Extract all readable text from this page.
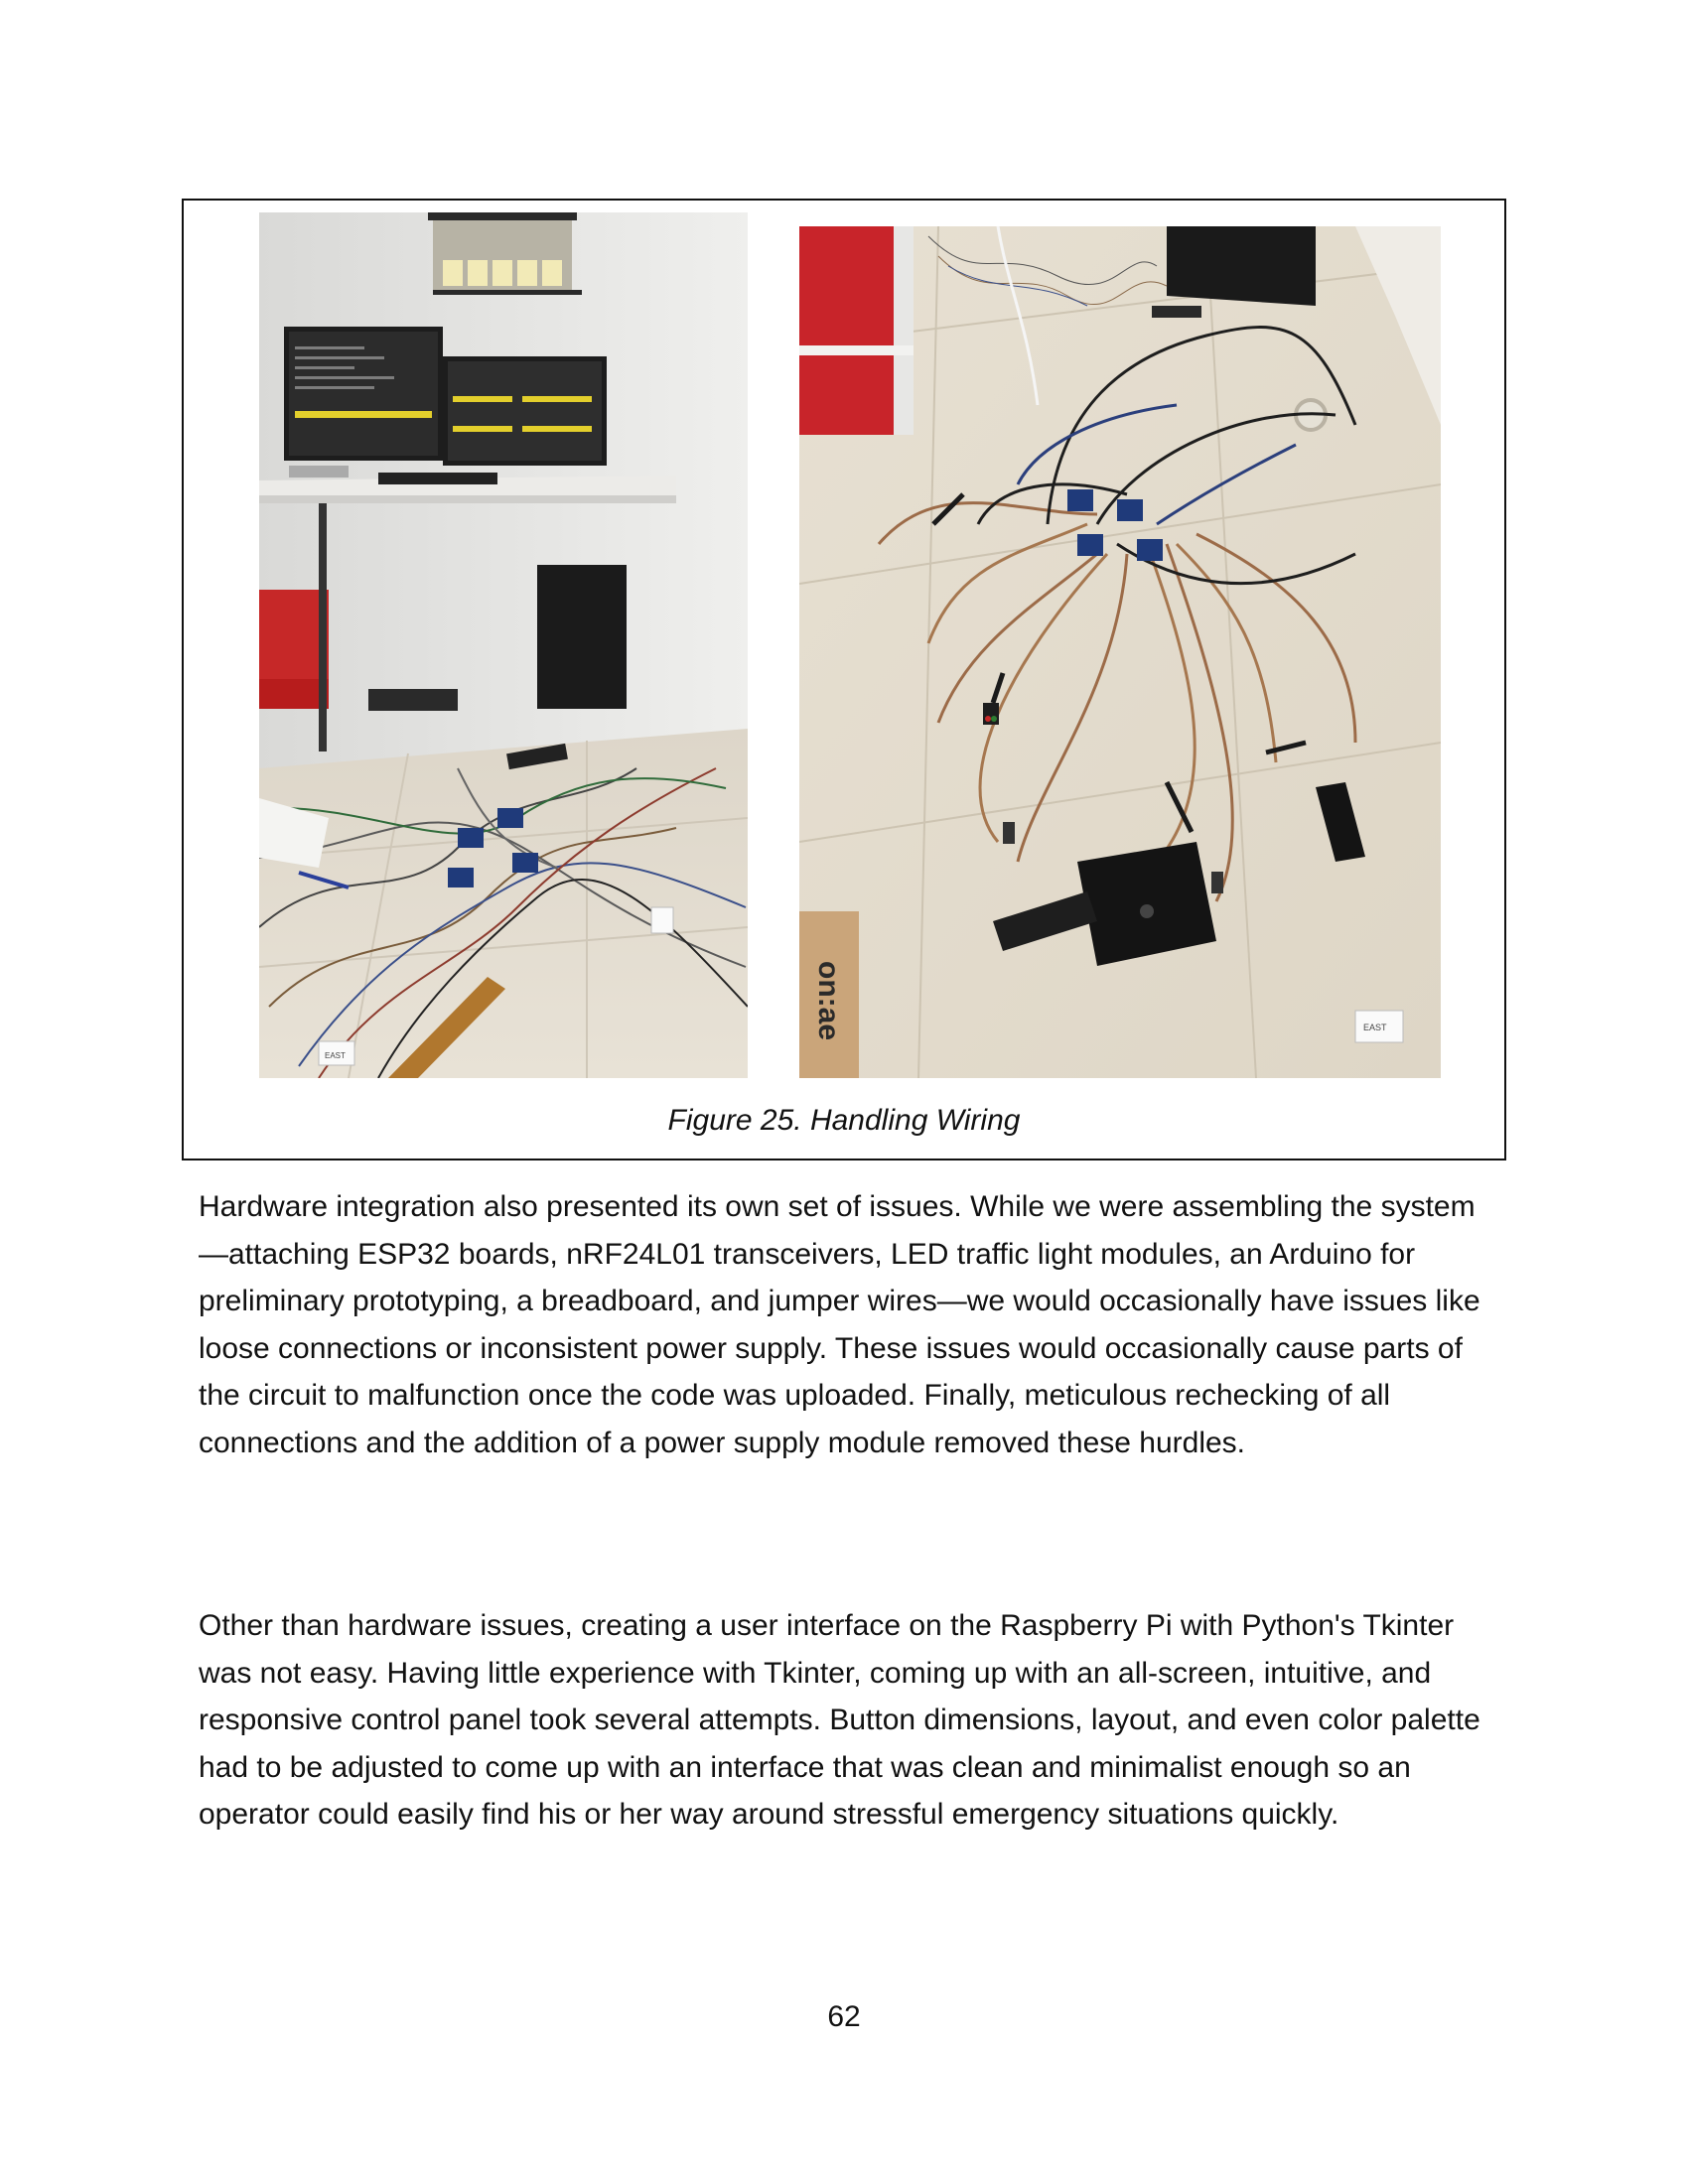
EAST
on:ae	EAST
Figure 25. Handling Wiring

Hardware integration also presented its own set of issues. While we were assembling the system—attaching ESP32 boards, nRF24L01 transceivers, LED traffic light modules, an Arduino for preliminary prototyping, a breadboard, and jumper wires—we would occasionally have issues like loose connections or inconsistent power supply. These issues would occasionally cause parts of the circuit to malfunction once the code was uploaded. Finally, meticulous rechecking of all connections and the addition of a power supply module removed these hurdles.

Other than hardware issues, creating a user interface on the Raspberry Pi with Python's Tkinter was not easy. Having little experience with Tkinter, coming up with an all-screen, intuitive, and responsive control panel took several attempts. Button dimensions, layout, and even color palette had to be adjusted to come up with an interface that was clean and minimalist enough so an operator could easily find his or her way around stressful emergency situations quickly.

62
